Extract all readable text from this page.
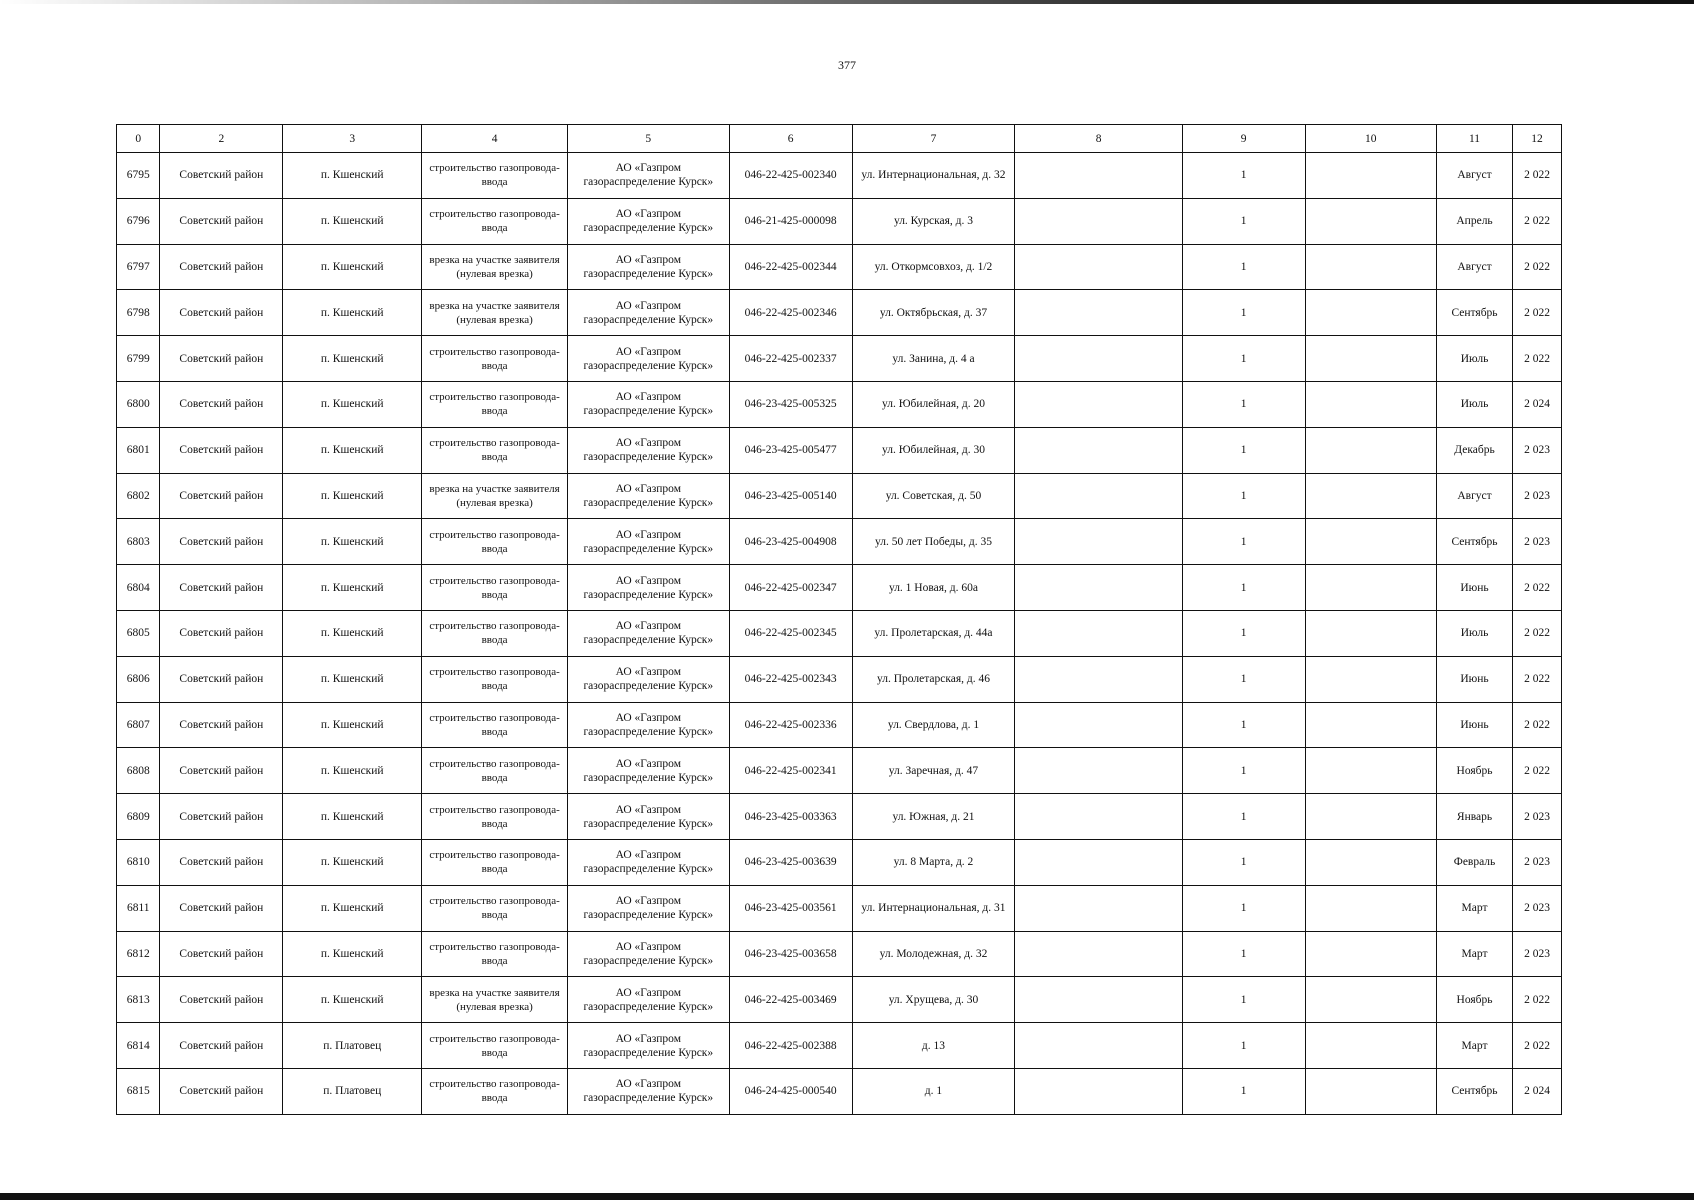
377
0	2	3	4	5	6	7	8	9	10	11	12
6795	Советский район	п. Кшенский	строительство газопровода-ввода	АО «Газпром газораспределение Курск»	046-22-425-002340	ул. Интернациональная, д. 32		1		Август	2 022
6796	Советский район	п. Кшенский	строительство газопровода-ввода	АО «Газпром газораспределение Курск»	046-21-425-000098	ул. Курская, д. 3		1		Апрель	2 022
6797	Советский район	п. Кшенский	врезка на участке заявителя (нулевая врезка)	АО «Газпром газораспределение Курск»	046-22-425-002344	ул. Откормсовхоз, д. 1/2		1		Август	2 022
6798	Советский район	п. Кшенский	врезка на участке заявителя (нулевая врезка)	АО «Газпром газораспределение Курск»	046-22-425-002346	ул. Октябрьская, д. 37		1		Сентябрь	2 022
6799	Советский район	п. Кшенский	строительство газопровода-ввода	АО «Газпром газораспределение Курск»	046-22-425-002337	ул. Занина, д. 4 а		1		Июль	2 022
6800	Советский район	п. Кшенский	строительство газопровода-ввода	АО «Газпром газораспределение Курск»	046-23-425-005325	ул. Юбилейная, д. 20		1		Июль	2 024
6801	Советский район	п. Кшенский	строительство газопровода-ввода	АО «Газпром газораспределение Курск»	046-23-425-005477	ул. Юбилейная, д. 30		1		Декабрь	2 023
6802	Советский район	п. Кшенский	врезка на участке заявителя (нулевая врезка)	АО «Газпром газораспределение Курск»	046-23-425-005140	ул. Советская, д. 50		1		Август	2 023
6803	Советский район	п. Кшенский	строительство газопровода-ввода	АО «Газпром газораспределение Курск»	046-23-425-004908	ул. 50 лет Победы, д. 35		1		Сентябрь	2 023
6804	Советский район	п. Кшенский	строительство газопровода-ввода	АО «Газпром газораспределение Курск»	046-22-425-002347	ул. 1 Новая, д. 60а		1		Июнь	2 022
6805	Советский район	п. Кшенский	строительство газопровода-ввода	АО «Газпром газораспределение Курск»	046-22-425-002345	ул. Пролетарская, д. 44а		1		Июль	2 022
6806	Советский район	п. Кшенский	строительство газопровода-ввода	АО «Газпром газораспределение Курск»	046-22-425-002343	ул. Пролетарская, д. 46		1		Июнь	2 022
6807	Советский район	п. Кшенский	строительство газопровода-ввода	АО «Газпром газораспределение Курск»	046-22-425-002336	ул. Свердлова, д. 1		1		Июнь	2 022
6808	Советский район	п. Кшенский	строительство газопровода-ввода	АО «Газпром газораспределение Курск»	046-22-425-002341	ул. Заречная, д. 47		1		Ноябрь	2 022
6809	Советский район	п. Кшенский	строительство газопровода-ввода	АО «Газпром газораспределение Курск»	046-23-425-003363	ул. Южная, д. 21		1		Январь	2 023
6810	Советский район	п. Кшенский	строительство газопровода-ввода	АО «Газпром газораспределение Курск»	046-23-425-003639	ул. 8 Марта, д. 2		1		Февраль	2 023
6811	Советский район	п. Кшенский	строительство газопровода-ввода	АО «Газпром газораспределение Курск»	046-23-425-003561	ул. Интернациональная, д. 31		1		Март	2 023
6812	Советский район	п. Кшенский	строительство газопровода-ввода	АО «Газпром газораспределение Курск»	046-23-425-003658	ул. Молодежная, д. 32		1		Март	2 023
6813	Советский район	п. Кшенский	врезка на участке заявителя (нулевая врезка)	АО «Газпром газораспределение Курск»	046-22-425-003469	ул. Хрущева, д. 30		1		Ноябрь	2 022
6814	Советский район	п. Платовец	строительство газопровода-ввода	АО «Газпром газораспределение Курск»	046-22-425-002388	д. 13		1		Март	2 022
6815	Советский район	п. Платовец	строительство газопровода-ввода	АО «Газпром газораспределение Курск»	046-24-425-000540	д. 1		1		Сентябрь	2 024
